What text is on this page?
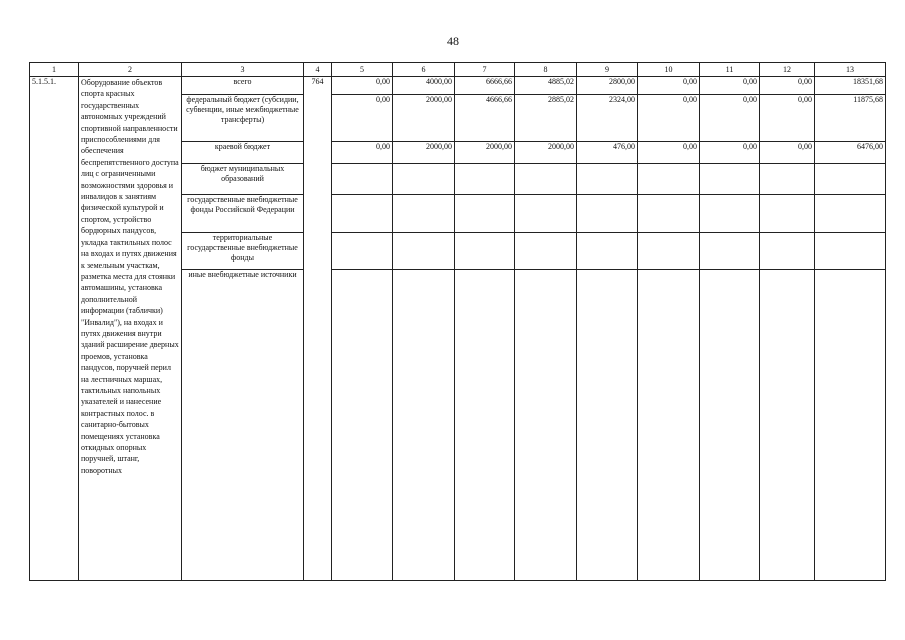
48
1	2	3	4	5	6	7	8	9	10	11	12	13
5.1.5.1.	Оборудование объектов спорта красных государственных автономных учреждений спортивной направленности приспособлениями для обеспечения беспрепятственного доступа лиц с ограниченными возможностями здоровья и инвалидов к занятиям физической культурой и спортом, устройство бордюрных пандусов, укладка тактильных полос на входах и путях движения к земельным участкам, разметка места для стоянки автомашины, установка дополнительной информации (таблички) "Инвалид"), на входах и путях движения внутри зданий расширение дверных проемов, установка пандусов, поручней перил на лестничных маршах, тактильных напольных указателей и нанесение контрастных полос. в санитарно-бытовых помещениях установка откидных опорных поручней, штанг, поворотных	всего	764	0,00	4000,00	6666,66	4885,02	2800,00	0,00	0,00	0,00	18351,68
		федеральный бюджет (субсидии, субвенции, иные межбюджетные трансферты)		0,00	2000,00	4666,66	2885,02	2324,00	0,00	0,00	0,00	11875,68
		краевой бюджет		0,00	2000,00	2000,00	2000,00	476,00	0,00	0,00	0,00	6476,00
		бюджет муниципальных образований										
		государственные внебюджетные фонды Российской Федерации										
		территориальные государственные внебюджетные фонды										
		иные внебюджетные источники										
